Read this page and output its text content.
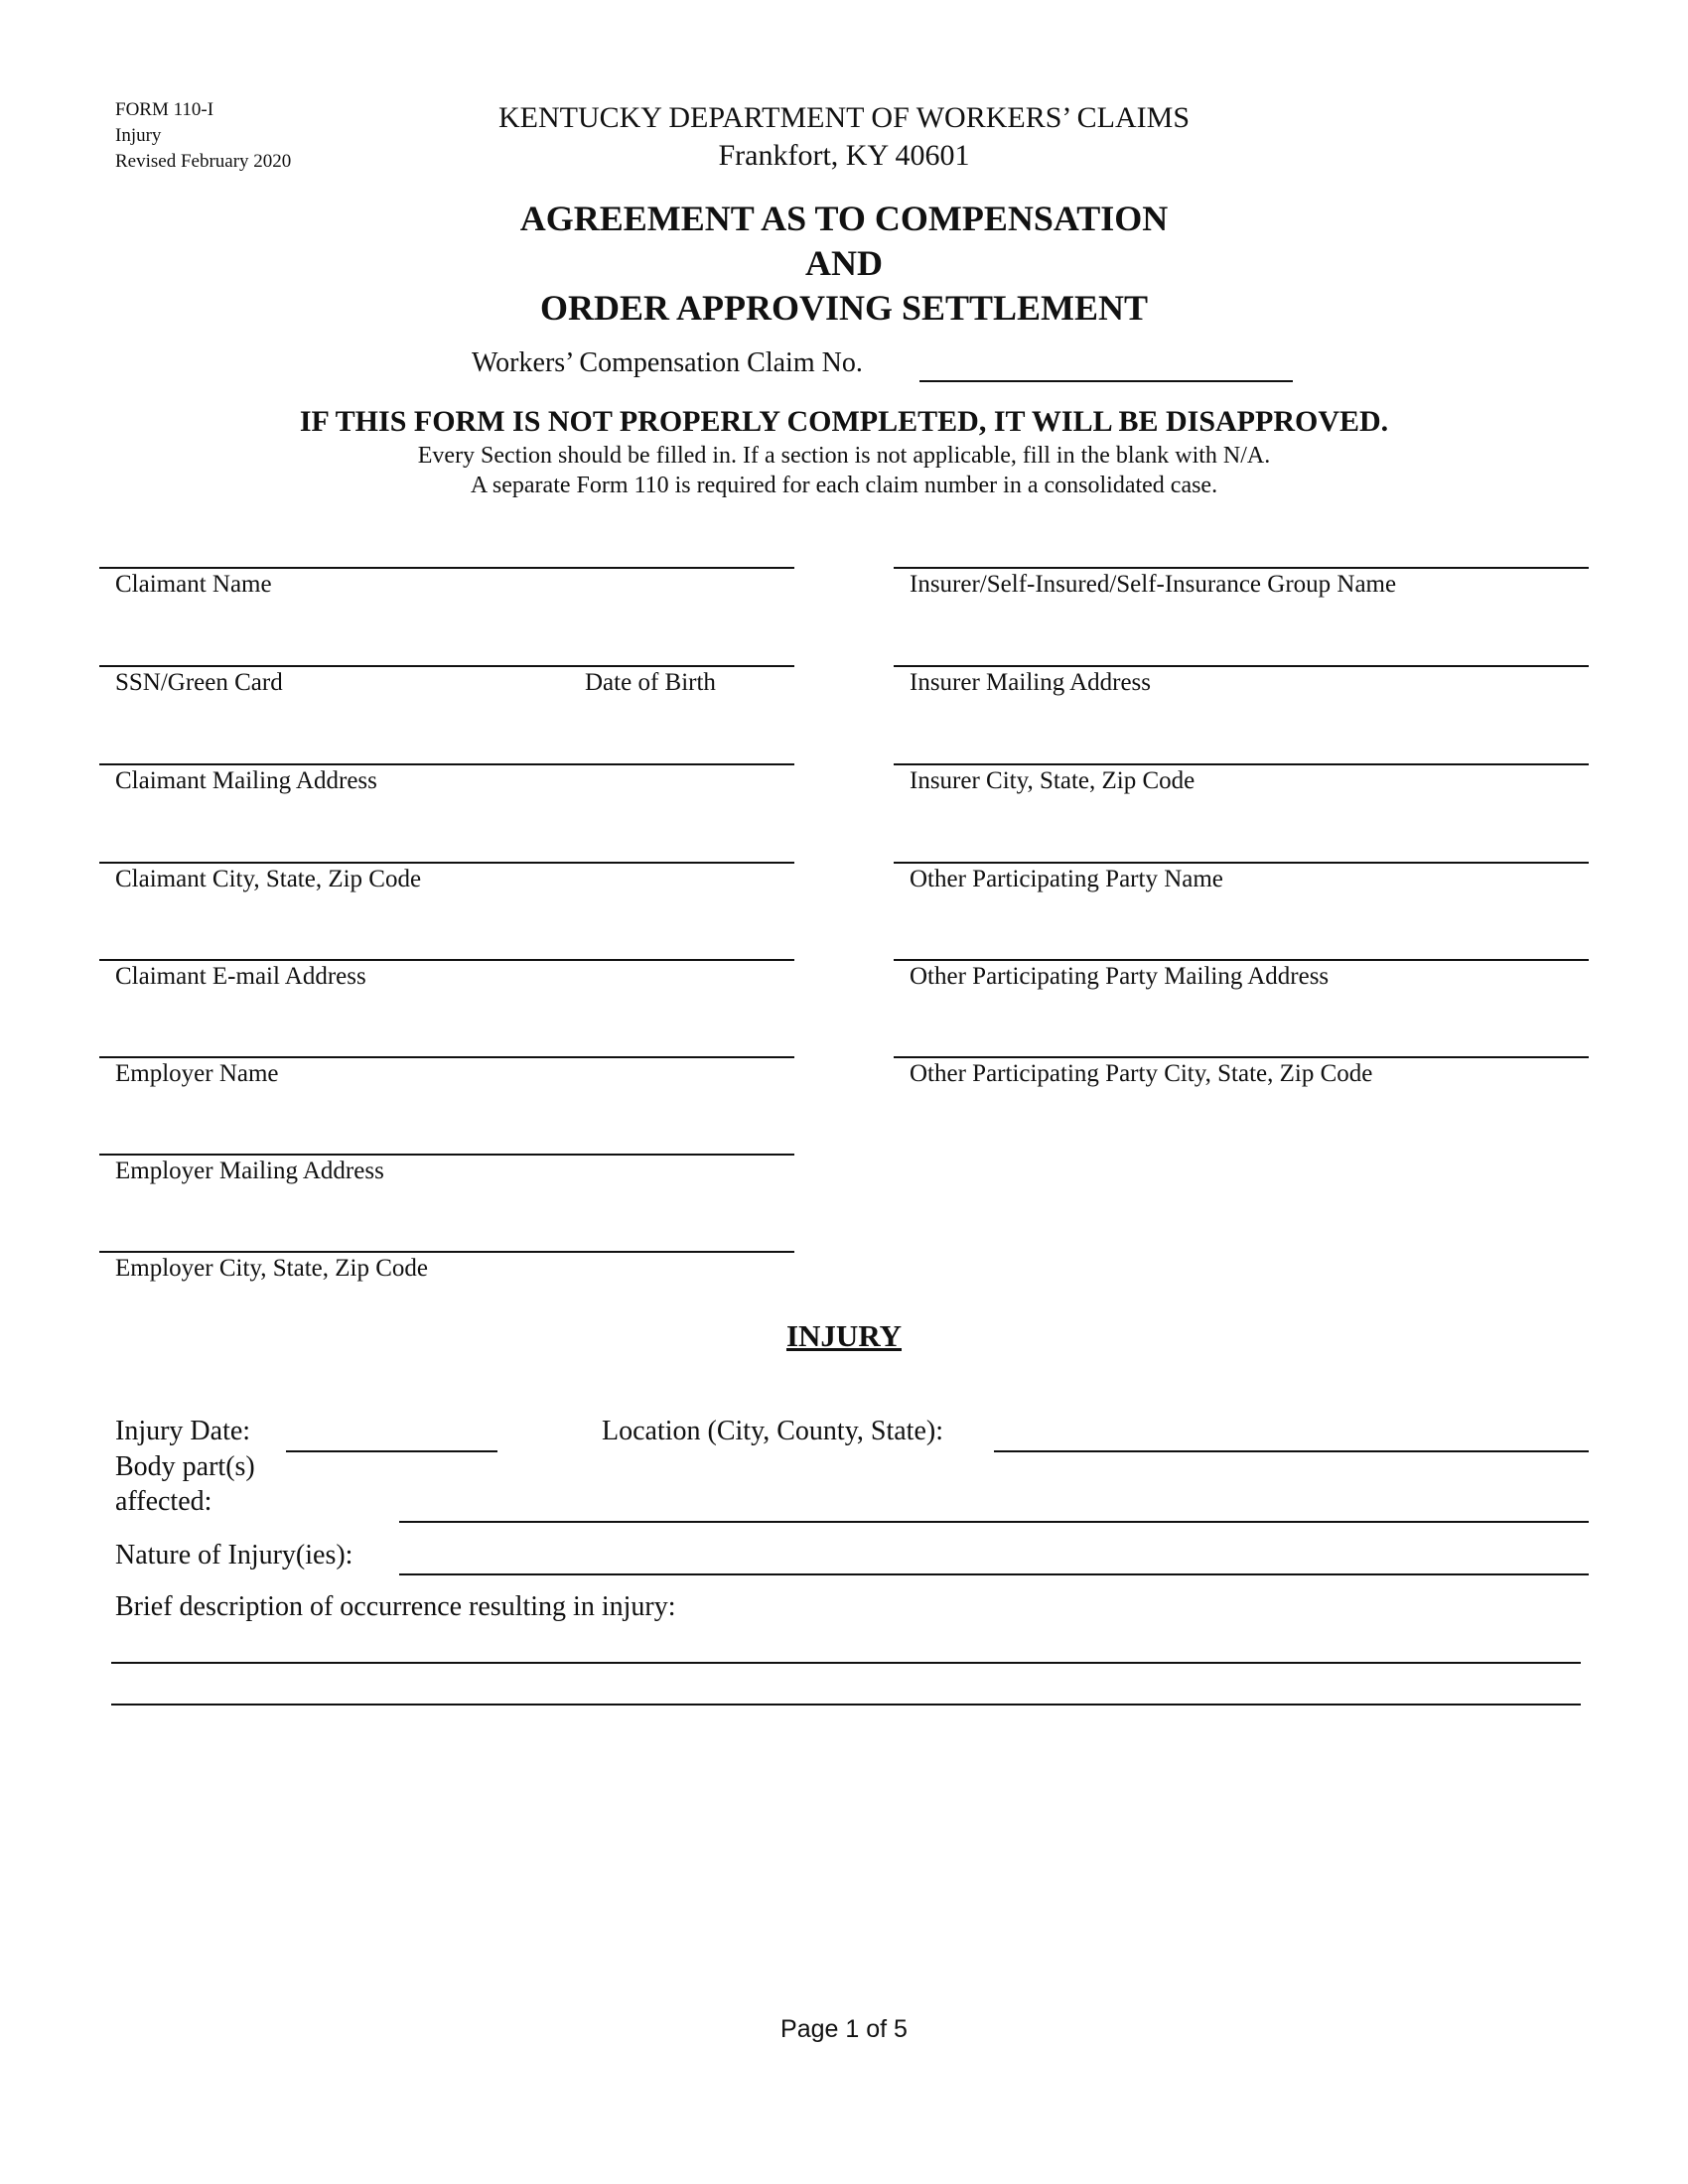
FORM 110-I
Injury
Revised February 2020
KENTUCKY DEPARTMENT OF WORKERS’ CLAIMS
Frankfort, KY 40601
AGREEMENT AS TO COMPENSATION
AND
ORDER APPROVING SETTLEMENT
Workers’ Compensation Claim No.
IF THIS FORM IS NOT PROPERLY COMPLETED, IT WILL BE DISAPPROVED.
Every Section should be filled in. If a section is not applicable, fill in the blank with N/A.
A separate Form 110 is required for each claim number in a consolidated case.
Claimant Name
SSN/Green Card	Date of Birth
Claimant Mailing Address
Claimant City, State, Zip Code
Claimant E-mail Address
Employer Name
Employer Mailing Address
Employer City, State, Zip Code
Insurer/Self-Insured/Self-Insurance Group Name
Insurer Mailing Address
Insurer City, State, Zip Code
Other Participating Party Name
Other Participating Party Mailing Address
Other Participating Party City, State, Zip Code
INJURY
Injury Date:	Location (City, County, State):
Body part(s)
affected:
Nature of Injury(ies):
Brief description of occurrence resulting in injury:
Page 1 of 5
